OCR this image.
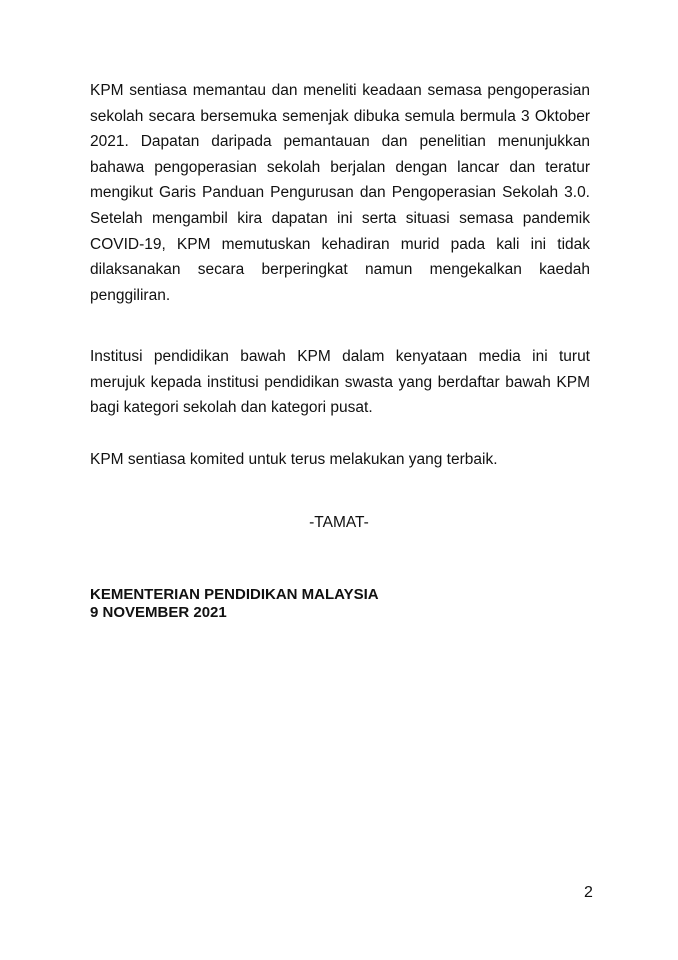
KPM sentiasa memantau dan meneliti keadaan semasa pengoperasian sekolah secara bersemuka semenjak dibuka semula bermula 3 Oktober 2021. Dapatan daripada pemantauan dan penelitian menunjukkan bahawa pengoperasian sekolah berjalan dengan lancar dan teratur mengikut Garis Panduan Pengurusan dan Pengoperasian Sekolah 3.0. Setelah mengambil kira dapatan ini serta situasi semasa pandemik COVID-19, KPM memutuskan kehadiran murid pada kali ini tidak dilaksanakan secara berperingkat namun mengekalkan kaedah penggiliran.

Institusi pendidikan bawah KPM dalam kenyataan media ini turut merujuk kepada institusi pendidikan swasta yang berdaftar bawah KPM bagi kategori sekolah dan kategori pusat.

KPM sentiasa komited untuk terus melakukan yang terbaik.

-TAMAT-
KEMENTERIAN PENDIDIKAN MALAYSIA
9 NOVEMBER 2021
2
